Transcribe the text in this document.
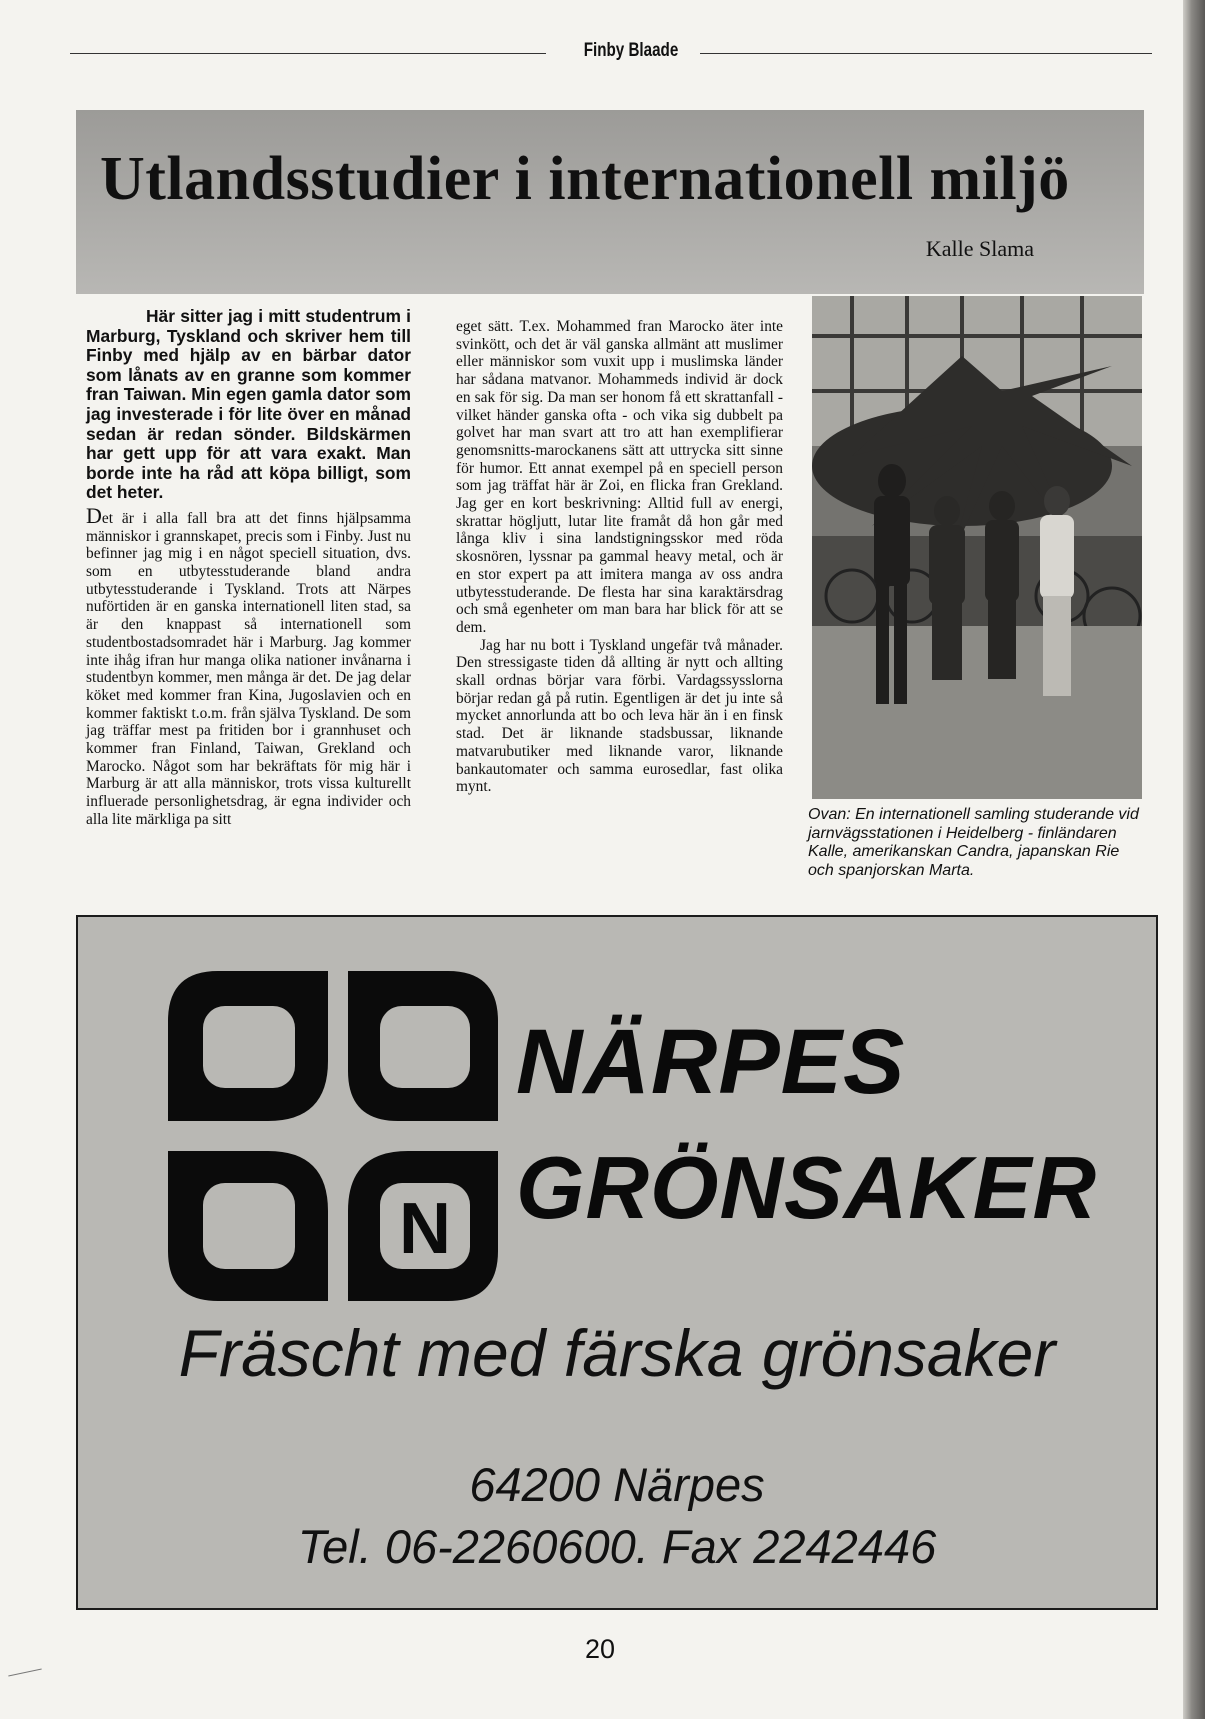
Finby Blaade
Utlandsstudier i internationell miljö
Kalle Slama
Här sitter jag i mitt studentrum i Marburg, Tyskland och skriver hem till Finby med hjälp av en bärbar dator som lånats av en granne som kommer fran Taiwan. Min egen gamla dator som jag investerade i för lite över en månad sedan är redan sönder. Bildskärmen har gett upp för att vara exakt. Man borde inte ha råd att köpa billigt, som det heter.
Det är i alla fall bra att det finns hjälpsamma människor i grannskapet, precis som i Finby. Just nu befinner jag mig i en något speciell situation, dvs. som en utbytesstuderande bland andra utbytesstuderande i Tyskland. Trots att Närpes nuförtiden är en ganska internationell liten stad, sa är den knappast så internationell som studentbostadsomradet här i Marburg. Jag kommer inte ihåg ifran hur manga olika nationer invånarna i studentbyn kommer, men många är det. De jag delar köket med kommer fran Kina, Jugoslavien och en kommer faktiskt t.o.m. från själva Tyskland. De som jag träffar mest pa fritiden bor i grannhuset och kommer fran Finland, Taiwan, Grekland och Marocko. Något som har bekräftats för mig här i Marburg är att alla människor, trots vissa kulturellt influerade personlighetsdrag, är egna individer och alla lite märkliga pa sitt

eget sätt. T.ex. Mohammed fran Marocko äter inte svinkött, och det är väl ganska allmänt att muslimer eller människor som vuxit upp i muslimska länder har sådana matvanor. Mohammeds individ är dock en sak för sig. Da man ser honom få ett skrattanfall - vilket händer ganska ofta - och vika sig dubbelt pa golvet har man svart att tro att han exemplifierar genomsnitts-marockanens sätt att uttrycka sitt sinne för humor. Ett annat exempel på en speciell person som jag träffat här är Zoi, en flicka fran Grekland. Jag ger en kort beskrivning: Alltid full av energi, skrattar högljutt, lutar lite framåt då hon går med långa kliv i sina landstigningsskor med röda skosnören, lyssnar pa gammal heavy metal, och är en stor expert pa att imitera manga av oss andra utbytesstuderande. De flesta har sina karaktärsdrag och små egenheter om man bara har blick för att se dem.

Jag har nu bott i Tyskland ungefär två månader. Den stressigaste tiden då allting är nytt och allting skall ordnas börjar vara förbi. Vardagssysslorna börjar redan gå på rutin. Egentligen är det ju inte så mycket annorlunda att bo och leva här än i en finsk stad. Det är liknande stadsbussar, liknande matvarubutiker med liknande varor, liknande bankautomater och samma eurosedlar, fast olika mynt.

Ovan: En internationell samling studerande vid jarnvägsstationen i Heidelberg - finländaren Kalle, amerikanskan Candra, japanskan Rie och spanjorskan Marta.
N
NÄRPES
GRÖNSAKER
Fräscht med färska grönsaker
64200 Närpes
Tel. 06-2260600. Fax 2242446
20
